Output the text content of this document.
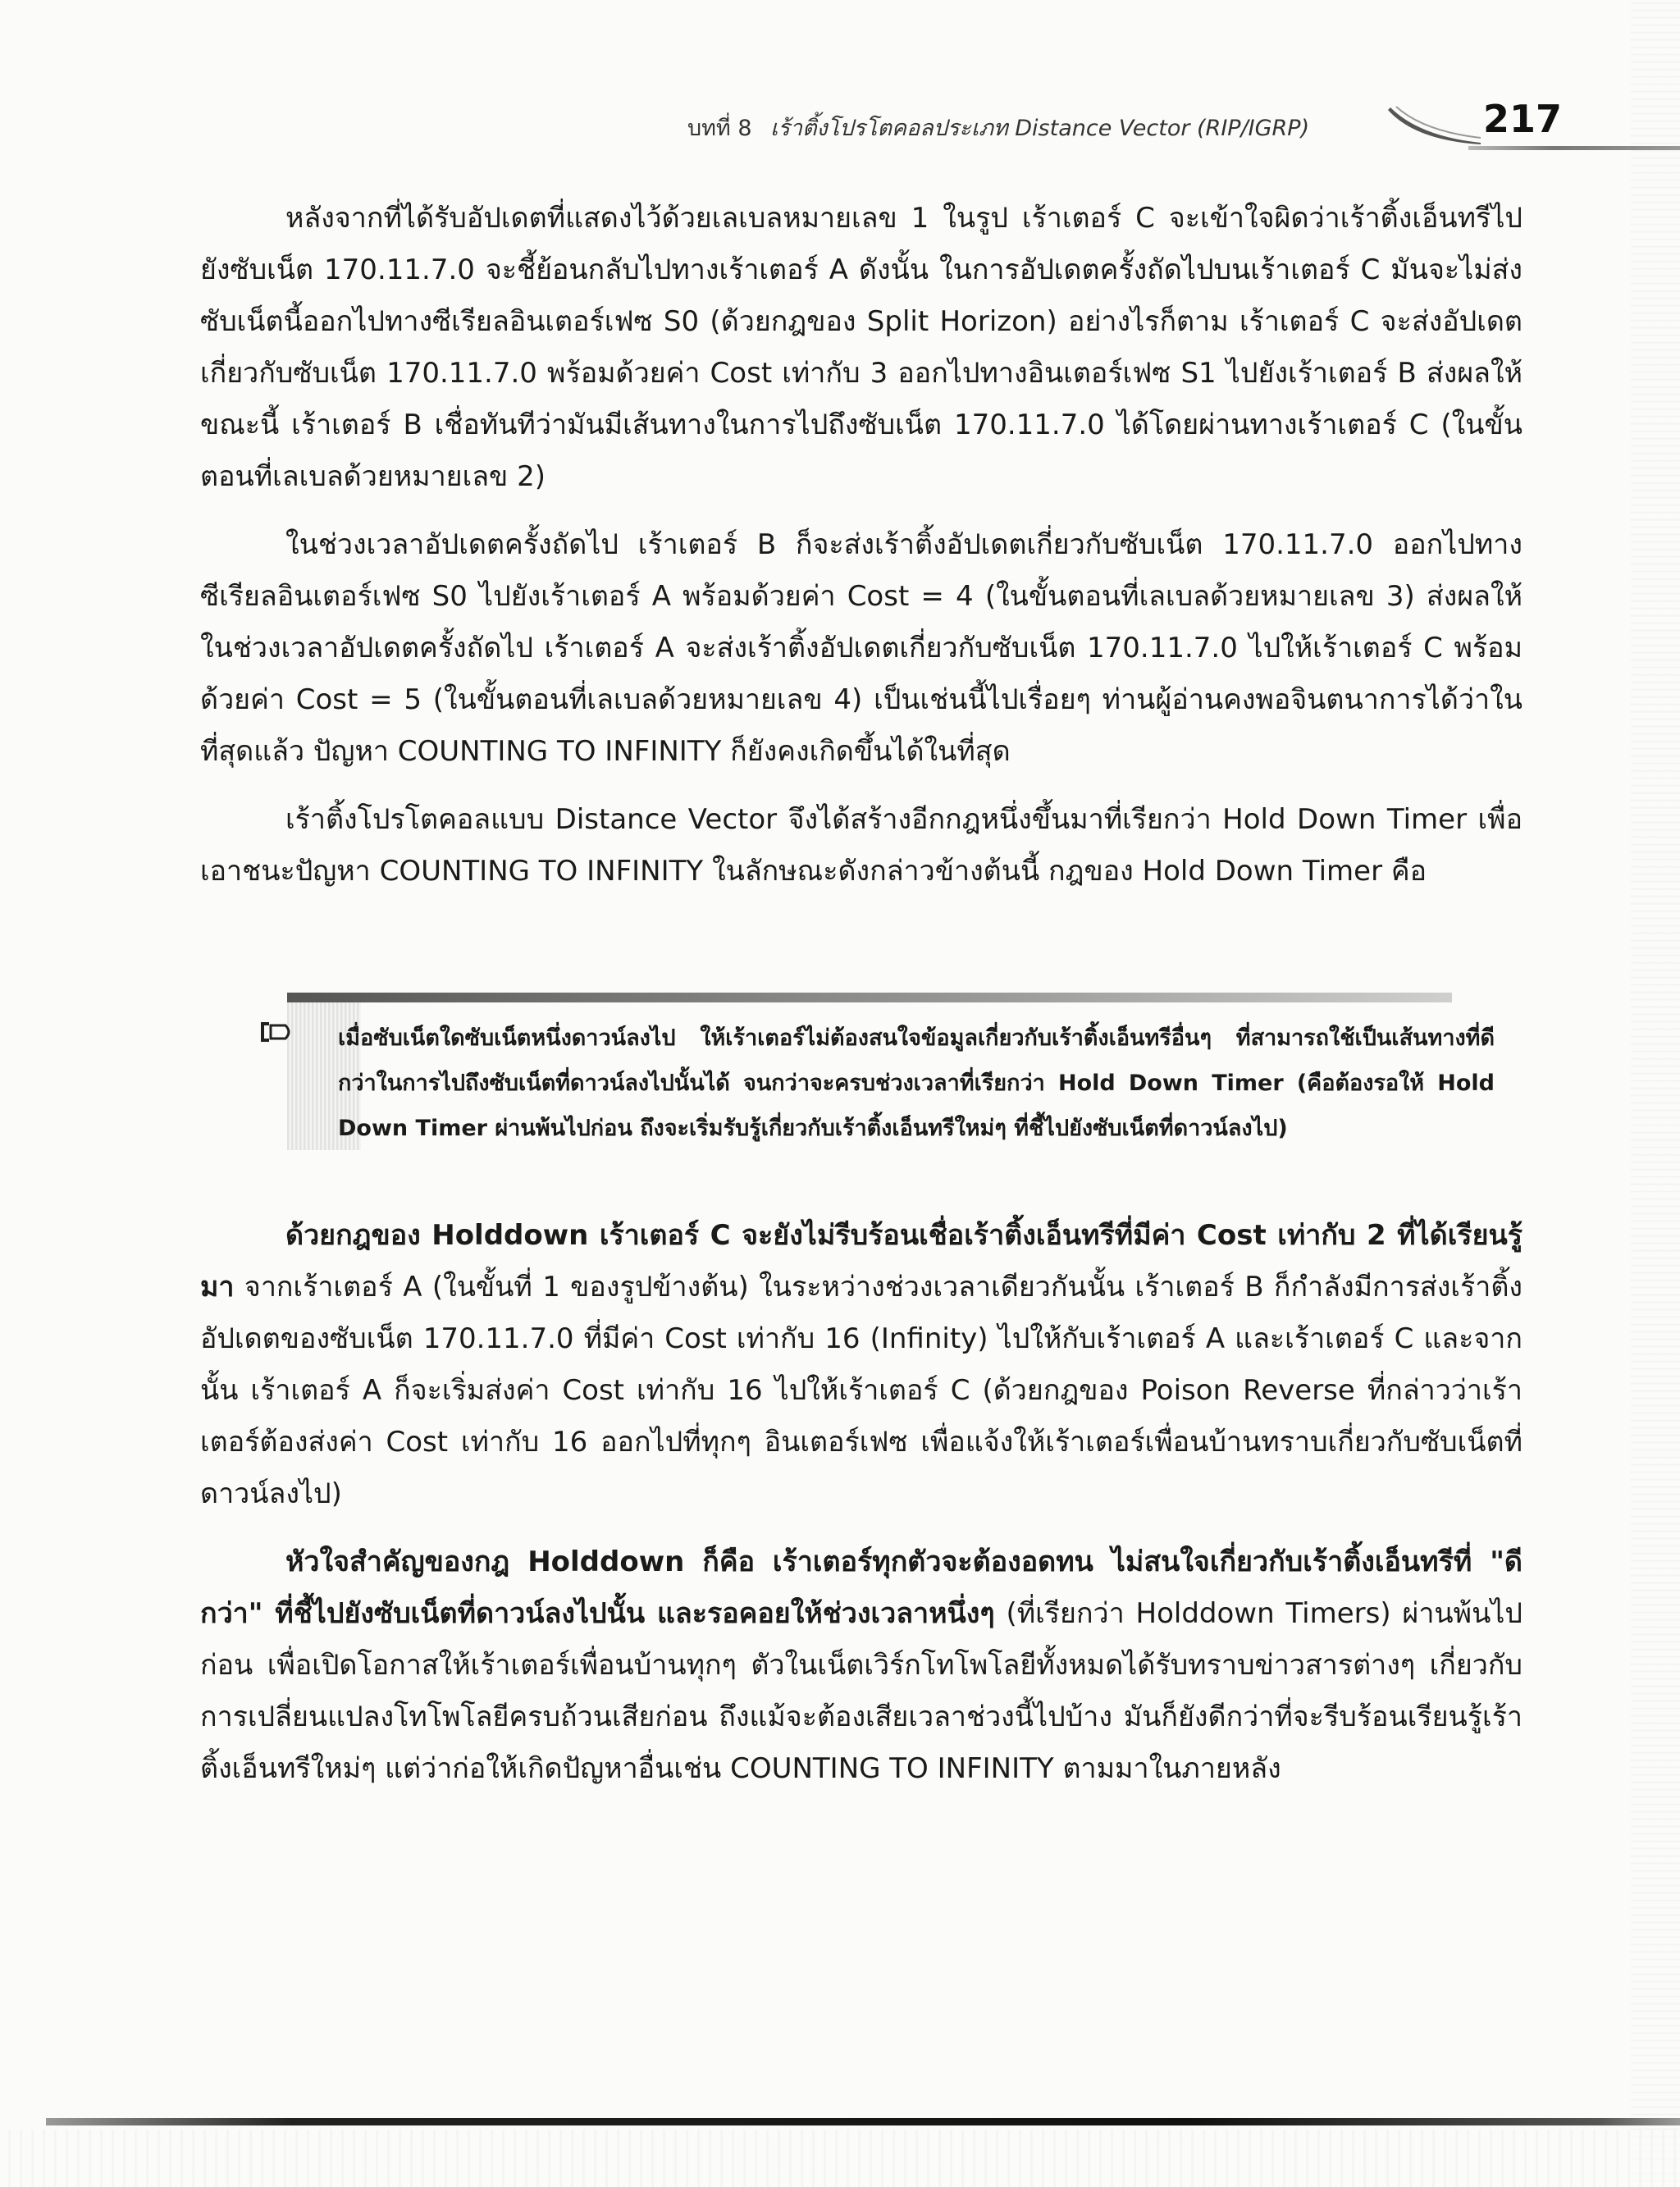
บทที่ 8 เร้าติ้งโปรโตคอลประเภท Distance Vector (RIP/IGRP)	217

หลังจากที่ได้รับอัปเดตที่แสดงไว้ด้วยเลเบลหมายเลข 1 ในรูป เร้าเตอร์ C จะเข้าใจผิดว่าเร้าติ้งเอ็นทรีไปยังซับเน็ต 170.11.7.0 จะชี้ย้อนกลับไปทางเร้าเตอร์ A ดังนั้น ในการอัปเดตครั้งถัดไปบนเร้าเตอร์ C มันจะไม่ส่งซับเน็ตนี้ออกไปทางซีเรียลอินเตอร์เฟซ S0 (ด้วยกฎของ Split Horizon) อย่างไรก็ตาม เร้าเตอร์ C จะส่งอัปเดตเกี่ยวกับซับเน็ต 170.11.7.0 พร้อมด้วยค่า Cost เท่ากับ 3 ออกไปทางอินเตอร์เฟซ S1 ไปยังเร้าเตอร์ B ส่งผลให้ขณะนี้ เร้าเตอร์ B เชื่อทันทีว่ามันมีเส้นทางในการไปถึงซับเน็ต 170.11.7.0 ได้โดยผ่านทางเร้าเตอร์ C (ในขั้นตอนที่เลเบลด้วยหมายเลข 2)

ในช่วงเวลาอัปเดตครั้งถัดไป เร้าเตอร์ B ก็จะส่งเร้าติ้งอัปเดตเกี่ยวกับซับเน็ต 170.11.7.0 ออกไปทางซีเรียลอินเตอร์เฟซ S0 ไปยังเร้าเตอร์ A พร้อมด้วยค่า Cost = 4 (ในขั้นตอนที่เลเบลด้วยหมายเลข 3) ส่งผลให้ในช่วงเวลาอัปเดตครั้งถัดไป เร้าเตอร์ A จะส่งเร้าติ้งอัปเดตเกี่ยวกับซับเน็ต 170.11.7.0 ไปให้เร้าเตอร์ C พร้อมด้วยค่า Cost = 5 (ในขั้นตอนที่เลเบลด้วยหมายเลข 4) เป็นเช่นนี้ไปเรื่อยๆ ท่านผู้อ่านคงพอจินตนาการได้ว่าในที่สุดแล้ว ปัญหา COUNTING TO INFINITY ก็ยังคงเกิดขึ้นได้ในที่สุด

เร้าติ้งโปรโตคอลแบบ Distance Vector จึงได้สร้างอีกกฎหนึ่งขึ้นมาที่เรียกว่า Hold Down Timer เพื่อเอาชนะปัญหา COUNTING TO INFINITY ในลักษณะดังกล่าวข้างต้นนี้ กฎของ Hold Down Timer คือ

เมื่อซับเน็ตใดซับเน็ตหนึ่งดาวน์ลงไป ให้เร้าเตอร์ไม่ต้องสนใจข้อมูลเกี่ยวกับเร้าติ้งเอ็นทรีอื่นๆ ที่สามารถใช้เป็นเส้นทางที่ดีกว่าในการไปถึงซับเน็ตที่ดาวน์ลงไปนั้นได้ จนกว่าจะครบช่วงเวลาที่เรียกว่า Hold Down Timer (คือต้องรอให้ Hold Down Timer ผ่านพ้นไปก่อน ถึงจะเริ่มรับรู้เกี่ยวกับเร้าติ้งเอ็นทรีใหม่ๆ ที่ชี้ไปยังซับเน็ตที่ดาวน์ลงไป)

ด้วยกฎของ Holddown เร้าเตอร์ C จะยังไม่รีบร้อนเชื่อเร้าติ้งเอ็นทรีที่มีค่า Cost เท่ากับ 2 ที่ได้เรียนรู้มา จากเร้าเตอร์ A (ในขั้นที่ 1 ของรูปข้างต้น) ในระหว่างช่วงเวลาเดียวกันนั้น เร้าเตอร์ B ก็กำลังมีการส่งเร้าติ้งอัปเดตของซับเน็ต 170.11.7.0 ที่มีค่า Cost เท่ากับ 16 (Infinity) ไปให้กับเร้าเตอร์ A และเร้าเตอร์ C และจากนั้น เร้าเตอร์ A ก็จะเริ่มส่งค่า Cost เท่ากับ 16 ไปให้เร้าเตอร์ C (ด้วยกฎของ Poison Reverse ที่กล่าวว่าเร้าเตอร์ต้องส่งค่า Cost เท่ากับ 16 ออกไปที่ทุกๆ อินเตอร์เฟซ เพื่อแจ้งให้เร้าเตอร์เพื่อนบ้านทราบเกี่ยวกับซับเน็ตที่ดาวน์ลงไป)

หัวใจสำคัญของกฎ Holddown ก็คือ เร้าเตอร์ทุกตัวจะต้องอดทน ไม่สนใจเกี่ยวกับเร้าติ้งเอ็นทรีที่ "ดีกว่า" ที่ชี้ไปยังซับเน็ตที่ดาวน์ลงไปนั้น และรอคอยให้ช่วงเวลาหนึ่งๆ (ที่เรียกว่า Holddown Timers) ผ่านพ้นไปก่อน เพื่อเปิดโอกาสให้เร้าเตอร์เพื่อนบ้านทุกๆ ตัวในเน็ตเวิร์กโทโพโลยีทั้งหมดได้รับทราบข่าวสารต่างๆ เกี่ยวกับการเปลี่ยนแปลงโทโพโลยีครบถ้วนเสียก่อน ถึงแม้จะต้องเสียเวลาช่วงนี้ไปบ้าง มันก็ยังดีกว่าที่จะรีบร้อนเรียนรู้เร้าติ้งเอ็นทรีใหม่ๆ แต่ว่าก่อให้เกิดปัญหาอื่นเช่น COUNTING TO INFINITY ตามมาในภายหลัง
